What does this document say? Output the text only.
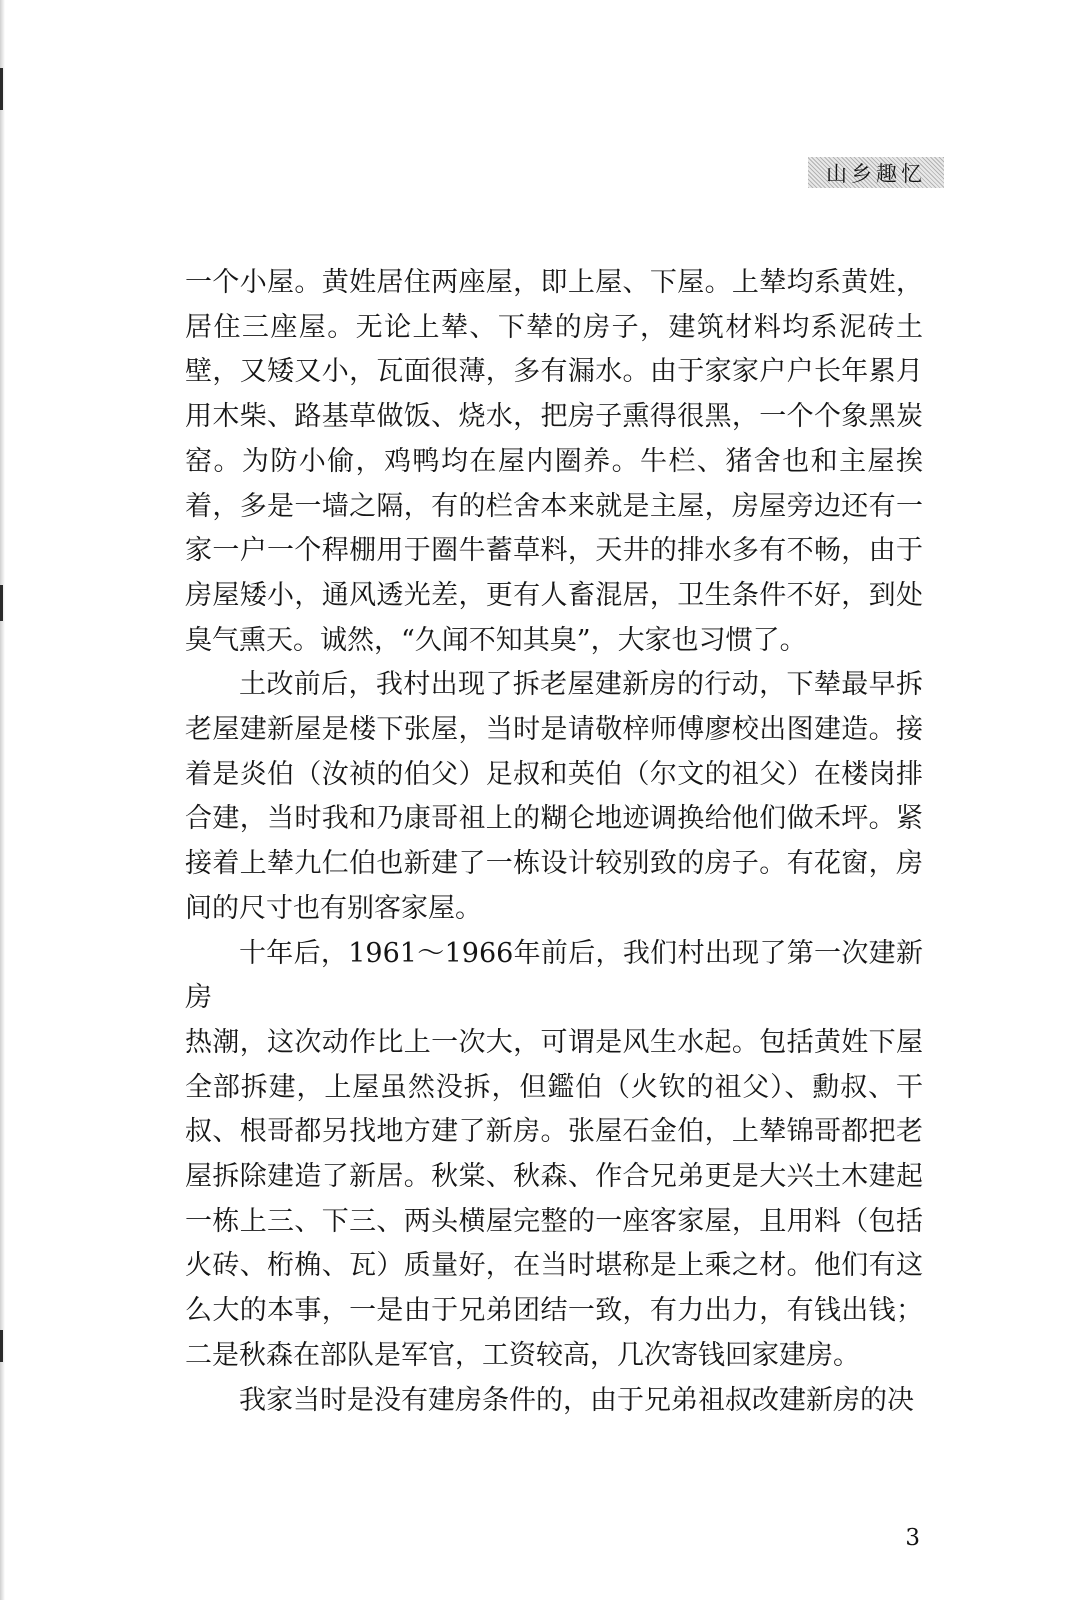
山乡趣忆

一个小屋。黄姓居住两座屋，即上屋、下屋。上辇均系黄姓，
居住三座屋。无论上辇、下辇的房子，建筑材料均系泥砖土
壁，又矮又小，瓦面很薄，多有漏水。由于家家户户长年累月
用木柴、路基草做饭、烧水，把房子熏得很黑，一个个象黑炭
窑。为防小偷，鸡鸭均在屋内圈养。牛栏、猪舍也和主屋挨
着，多是一墙之隔，有的栏舍本来就是主屋，房屋旁边还有一
家一户一个稈棚用于圈牛蓄草料，天井的排水多有不畅，由于
房屋矮小，通风透光差，更有人畜混居，卫生条件不好，到处
臭气熏天。诚然，“久闻不知其臭”，大家也习惯了。

土改前后，我村出现了拆老屋建新房的行动，下辇最早拆
老屋建新屋是楼下张屋，当时是请敬梓师傅廖校出图建造。接
着是炎伯（汝祯的伯父）足叔和英伯（尔文的祖父）在楼岗排
合建，当时我和乃康哥祖上的糊仑地迹调换给他们做禾坪。紧
接着上辇九仁伯也新建了一栋设计较别致的房子。有花窗，房
间的尺寸也有别客家屋。

十年后，1961～1966年前后，我们村出现了第一次建新房
热潮，这次动作比上一次大，可谓是风生水起。包括黄姓下屋
全部拆建，上屋虽然没拆，但鑑伯（火钦的祖父）、勳叔、干
叔、根哥都另找地方建了新房。张屋石金伯，上辇锦哥都把老
屋拆除建造了新居。秋棠、秋森、作合兄弟更是大兴土木建起
一栋上三、下三、两头横屋完整的一座客家屋，且用料（包括
火砖、桁桷、瓦）质量好，在当时堪称是上乘之材。他们有这
么大的本事，一是由于兄弟团结一致，有力出力，有钱出钱；
二是秋森在部队是军官，工资较高，几次寄钱回家建房。

我家当时是没有建房条件的，由于兄弟祖叔改建新房的决

3
